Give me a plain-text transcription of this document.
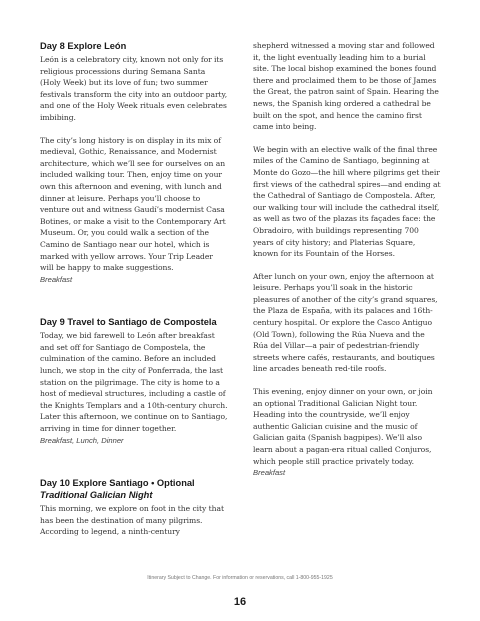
Day 8 Explore León

León is a celebratory city, known not only for its religious processions during Semana Santa (Holy Week) but its love of fun; two summer festivals transform the city into an outdoor party, and one of the Holy Week rituals even celebrates imbibing.

The city’s long history is on display in its mix of medieval, Gothic, Renaissance, and Modernist architecture, which we’ll see for ourselves on an included walking tour. Then, enjoy time on your own this afternoon and evening, with lunch and dinner at leisure. Perhaps you’ll choose to venture out and witness Gaudí’s modernist Casa Botines, or make a visit to the Contemporary Art Museum. Or, you could walk a section of the Camino de Santiago near our hotel, which is marked with yellow arrows. Your Trip Leader will be happy to make suggestions.

Breakfast
Day 9 Travel to Santiago de Compostela

Today, we bid farewell to León after breakfast and set off for Santiago de Compostela, the culmination of the camino. Before an included lunch, we stop in the city of Ponferrada, the last station on the pilgrimage. The city is home to a host of medieval structures, including a castle of the Knights Templars and a 10th-century church. Later this afternoon, we continue on to Santiago, arriving in time for dinner together.

Breakfast, Lunch, Dinner
Day 10 Explore Santiago • Optional
Traditional Galician Night

This morning, we explore on foot in the city that has been the destination of many pilgrims. According to legend, a ninth-century

shepherd witnessed a moving star and followed it, the light eventually leading him to a burial site. The local bishop examined the bones found there and proclaimed them to be those of James the Great, the patron saint of Spain. Hearing the news, the Spanish king ordered a cathedral be built on the spot, and hence the camino first came into being.

We begin with an elective walk of the final three miles of the Camino de Santiago, beginning at Monte do Gozo—the hill where pilgrims get their first views of the cathedral spires—and ending at the Cathedral of Santiago de Compostela. After, our walking tour will include the cathedral itself, as well as two of the plazas its façades face: the Obradoiro, with buildings representing 700 years of city history; and Platerias Square, known for its Fountain of the Horses.

After lunch on your own, enjoy the afternoon at leisure. Perhaps you’ll soak in the historic pleasures of another of the city’s grand squares, the Plaza de España, with its palaces and 16th-century hospital. Or explore the Casco Antiguo (Old Town), following the Rúa Nueva and the Rúa del Villar—a pair of pedestrian-friendly streets where cafés, restaurants, and boutiques line arcades beneath red-tile roofs.

This evening, enjoy dinner on your own, or join an optional Traditional Galician Night tour. Heading into the countryside, we’ll enjoy authentic Galician cuisine and the music of Galician gaita (Spanish bagpipes). We’ll also learn about a pagan-era ritual called Conjuros, which people still practice privately today.

Breakfast
Itinerary Subject to Change. For information or reservations, call 1-800-955-1925
16
